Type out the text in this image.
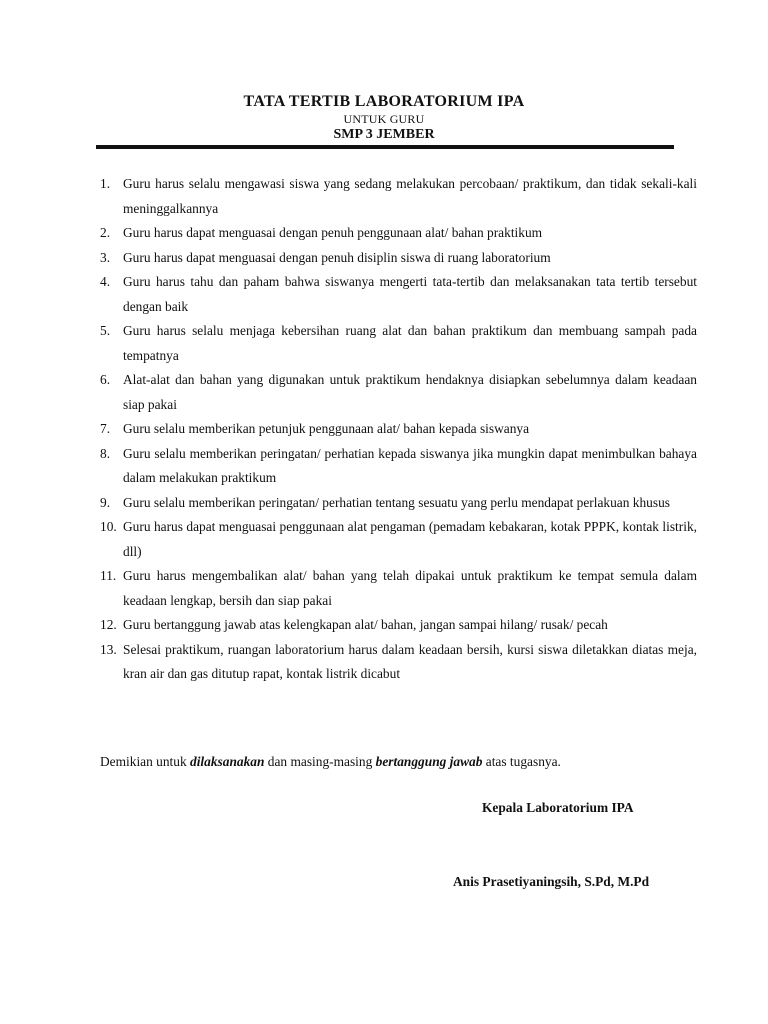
TATA TERTIB LABORATORIUM IPA
UNTUK GURU
SMP 3 JEMBER
1. Guru harus selalu mengawasi siswa yang sedang melakukan percobaan/ praktikum, dan tidak sekali-kali meninggalkannya
2. Guru harus dapat menguasai dengan penuh penggunaan alat/ bahan praktikum
3. Guru harus dapat menguasai dengan penuh disiplin siswa di ruang laboratorium
4. Guru harus tahu dan paham bahwa siswanya mengerti tata-tertib dan melaksanakan tata tertib tersebut dengan baik
5. Guru harus selalu menjaga kebersihan ruang alat dan bahan praktikum dan membuang sampah pada tempatnya
6. Alat-alat dan bahan yang digunakan untuk praktikum hendaknya disiapkan sebelumnya dalam keadaan siap pakai
7. Guru selalu memberikan petunjuk penggunaan alat/ bahan kepada siswanya
8. Guru selalu memberikan peringatan/ perhatian kepada siswanya jika mungkin dapat menimbulkan bahaya dalam melakukan praktikum
9. Guru selalu memberikan peringatan/ perhatian tentang sesuatu yang perlu mendapat perlakuan khusus
10. Guru harus dapat menguasai penggunaan alat pengaman (pemadam kebakaran, kotak PPPK, kontak listrik, dll)
11. Guru harus mengembalikan alat/ bahan yang telah dipakai untuk praktikum ke tempat semula dalam keadaan lengkap, bersih dan siap pakai
12. Guru bertanggung jawab atas kelengkapan alat/ bahan, jangan sampai hilang/ rusak/ pecah
13. Selesai praktikum, ruangan laboratorium harus dalam keadaan bersih, kursi siswa diletakkan diatas meja, kran air dan gas ditutup rapat, kontak listrik dicabut
Demikian untuk dilaksanakan dan masing-masing bertanggung jawab atas tugasnya.
Kepala Laboratorium IPA
Anis Prasetiyaningsih, S.Pd, M.Pd
